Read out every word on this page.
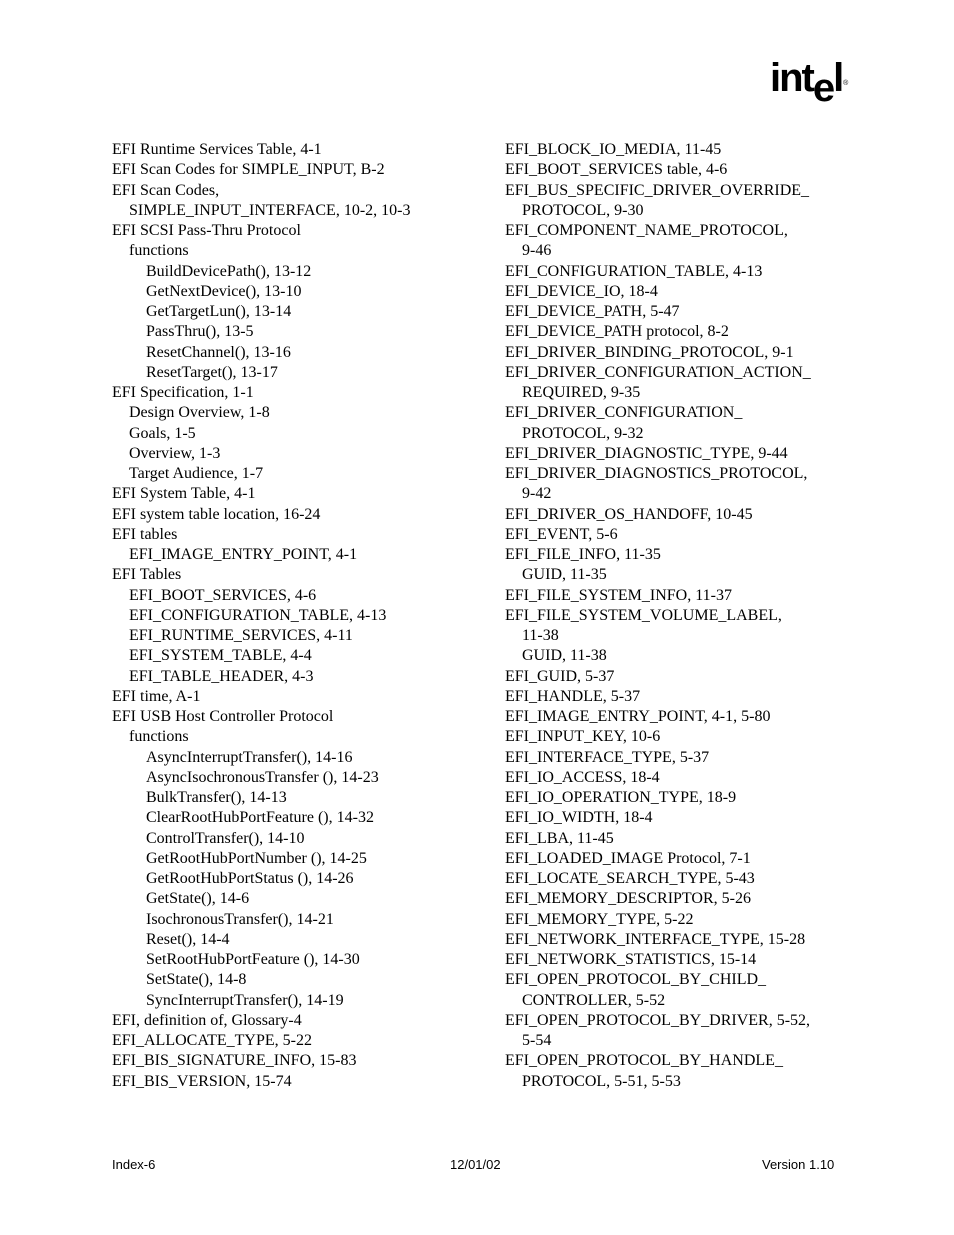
intel ®
EFI Runtime Services Table, 4-1
EFI Scan Codes for SIMPLE_INPUT, B-2
EFI Scan Codes,
SIMPLE_INPUT_INTERFACE, 10-2, 10-3
EFI SCSI Pass-Thru Protocol
functions
BuildDevicePath(), 13-12
GetNextDevice(), 13-10
GetTargetLun(), 13-14
PassThru(), 13-5
ResetChannel(), 13-16
ResetTarget(), 13-17
EFI Specification, 1-1
Design Overview, 1-8
Goals, 1-5
Overview, 1-3
Target Audience, 1-7
EFI System Table, 4-1
EFI system table location, 16-24
EFI tables
EFI_IMAGE_ENTRY_POINT, 4-1
EFI Tables
EFI_BOOT_SERVICES, 4-6
EFI_CONFIGURATION_TABLE, 4-13
EFI_RUNTIME_SERVICES, 4-11
EFI_SYSTEM_TABLE, 4-4
EFI_TABLE_HEADER, 4-3
EFI time, A-1
EFI USB Host Controller Protocol
functions
AsyncInterruptTransfer(), 14-16
AsyncIsochronousTransfer (), 14-23
BulkTransfer(), 14-13
ClearRootHubPortFeature (), 14-32
ControlTransfer(), 14-10
GetRootHubPortNumber (), 14-25
GetRootHubPortStatus (), 14-26
GetState(), 14-6
IsochronousTransfer(), 14-21
Reset(), 14-4
SetRootHubPortFeature (), 14-30
SetState(), 14-8
SyncInterruptTransfer(), 14-19
EFI, definition of, Glossary-4
EFI_ALLOCATE_TYPE, 5-22
EFI_BIS_SIGNATURE_INFO, 15-83
EFI_BIS_VERSION, 15-74
EFI_BLOCK_IO_MEDIA, 11-45
EFI_BOOT_SERVICES table, 4-6
EFI_BUS_SPECIFIC_DRIVER_OVERRIDE_
PROTOCOL, 9-30
EFI_COMPONENT_NAME_PROTOCOL,
9-46
EFI_CONFIGURATION_TABLE, 4-13
EFI_DEVICE_IO, 18-4
EFI_DEVICE_PATH, 5-47
EFI_DEVICE_PATH protocol, 8-2
EFI_DRIVER_BINDING_PROTOCOL, 9-1
EFI_DRIVER_CONFIGURATION_ACTION_
REQUIRED, 9-35
EFI_DRIVER_CONFIGURATION_
PROTOCOL, 9-32
EFI_DRIVER_DIAGNOSTIC_TYPE, 9-44
EFI_DRIVER_DIAGNOSTICS_PROTOCOL,
9-42
EFI_DRIVER_OS_HANDOFF, 10-45
EFI_EVENT, 5-6
EFI_FILE_INFO, 11-35
GUID, 11-35
EFI_FILE_SYSTEM_INFO, 11-37
EFI_FILE_SYSTEM_VOLUME_LABEL,
11-38
GUID, 11-38
EFI_GUID, 5-37
EFI_HANDLE, 5-37
EFI_IMAGE_ENTRY_POINT, 4-1, 5-80
EFI_INPUT_KEY, 10-6
EFI_INTERFACE_TYPE, 5-37
EFI_IO_ACCESS, 18-4
EFI_IO_OPERATION_TYPE, 18-9
EFI_IO_WIDTH, 18-4
EFI_LBA, 11-45
EFI_LOADED_IMAGE Protocol, 7-1
EFI_LOCATE_SEARCH_TYPE, 5-43
EFI_MEMORY_DESCRIPTOR, 5-26
EFI_MEMORY_TYPE, 5-22
EFI_NETWORK_INTERFACE_TYPE, 15-28
EFI_NETWORK_STATISTICS, 15-14
EFI_OPEN_PROTOCOL_BY_CHILD_
CONTROLLER, 5-52
EFI_OPEN_PROTOCOL_BY_DRIVER, 5-52,
5-54
EFI_OPEN_PROTOCOL_BY_HANDLE_
PROTOCOL, 5-51, 5-53
Index-6	12/01/02	Version 1.10
